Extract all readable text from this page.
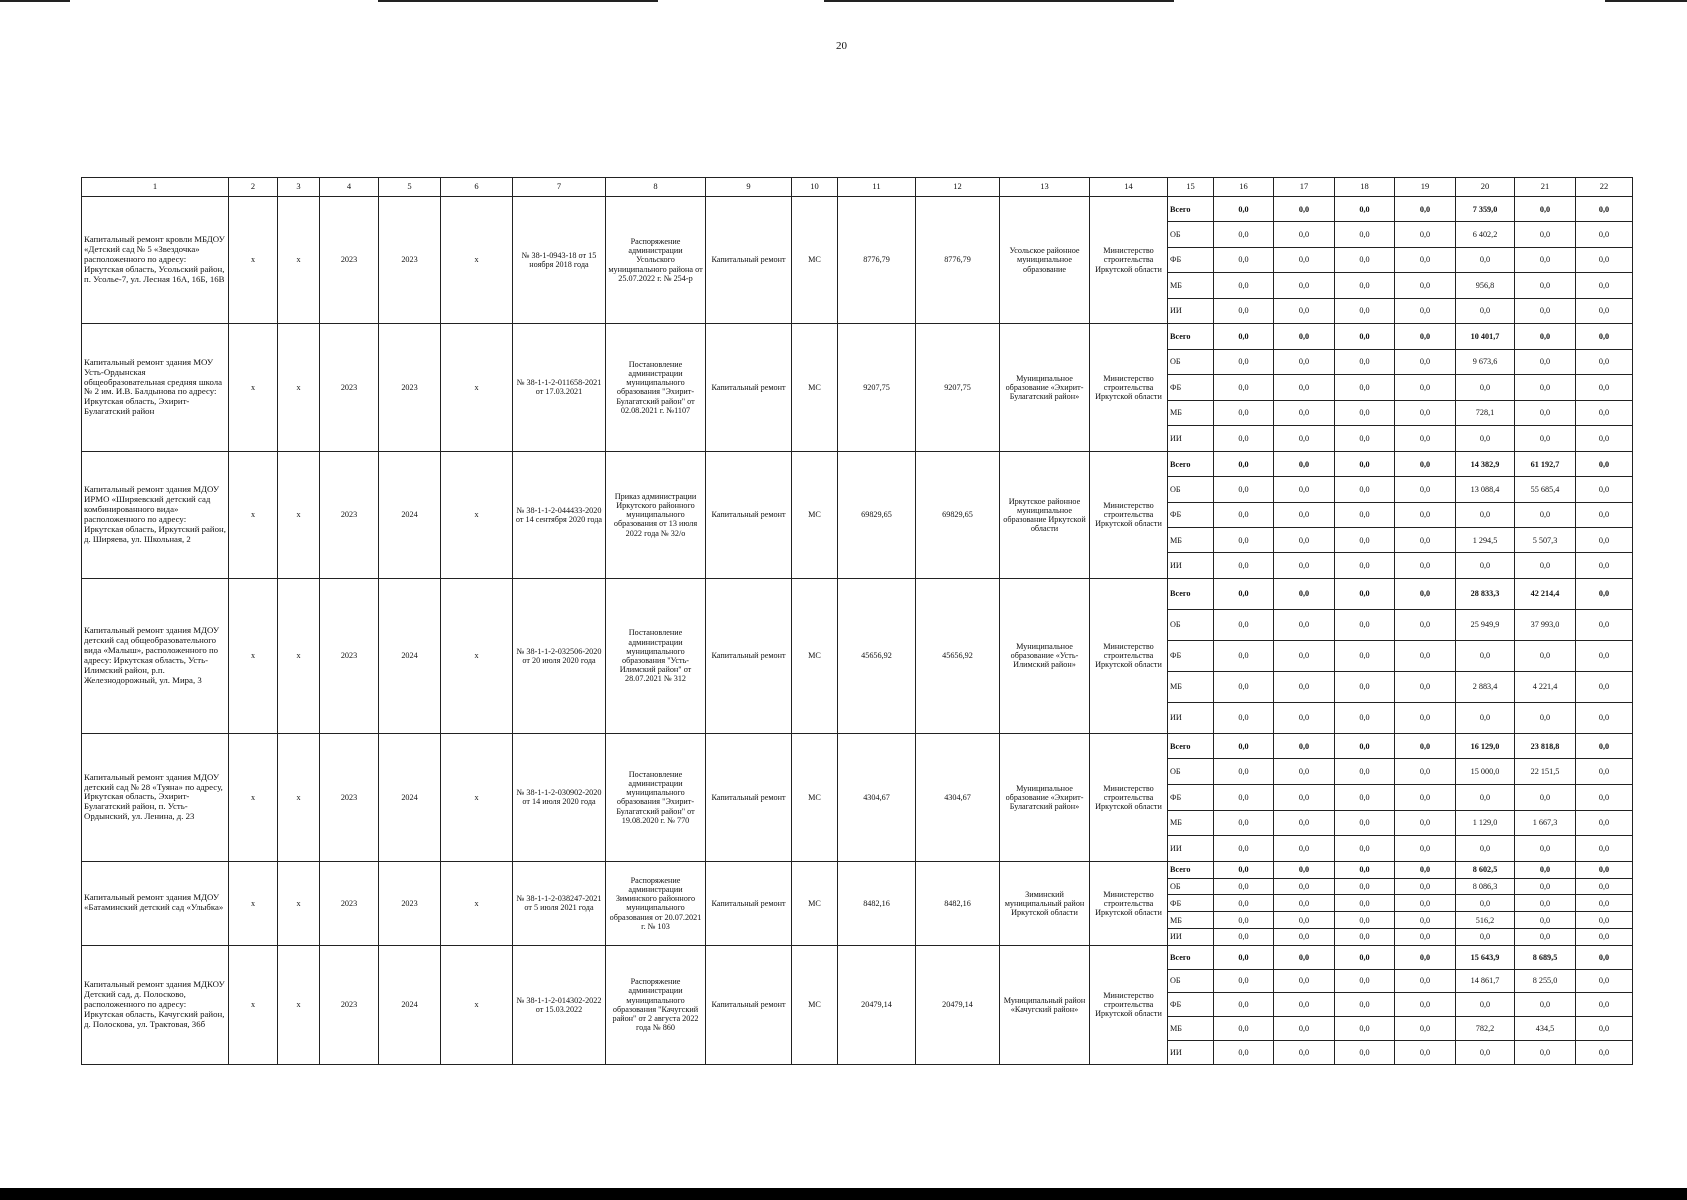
20
1	2	3	4	5	6	7	8	9	10	11	12	13	14	15	16	17	18	19	20	21	22
Капитальный ремонт кровли МБДОУ «Детский сад № 5 «Звездочка» расположенного по адресу: Иркутская область, Усольский район, п. Усолье-7, ул. Лесная 16А, 16Б, 16В	х	х	2023	2023	х	№ 38-1-0943-18 от 15 ноября 2018 года	Распоряжение администрации Усольского муниципального района от 25.07.2022 г. № 254-р	Капитальный ремонт	МС	8776,79	8776,79	Усольское районное муниципальное образование	Министерство строительства Иркутской области	Всего	0,0	0,0	0,0	0,0	7 359,0	0,0	0,0
														ОБ	0,0	0,0	0,0	0,0	6 402,2	0,0	0,0
														ФБ	0,0	0,0	0,0	0,0	0,0	0,0	0,0
														МБ	0,0	0,0	0,0	0,0	956,8	0,0	0,0
														ИИ	0,0	0,0	0,0	0,0	0,0	0,0	0,0
Капитальный ремонт здания МОУ Усть-Ордынская общеобразовательная средняя школа № 2 им. И.В. Балдынова по адресу: Иркутская область, Эхирит-Булагатский район	х	х	2023	2023	х	№ 38-1-1-2-011658-2021 от 17.03.2021	Постановление администрации муниципального образования "Эхирит-Булагатский район" от 02.08.2021 г. №1107	Капитальный ремонт	МС	9207,75	9207,75	Муниципальное образование «Эхирит-Булагатский район»	Министерство строительства Иркутской области	Всего	0,0	0,0	0,0	0,0	10 401,7	0,0	0,0
														ОБ	0,0	0,0	0,0	0,0	9 673,6	0,0	0,0
														ФБ	0,0	0,0	0,0	0,0	0,0	0,0	0,0
														МБ	0,0	0,0	0,0	0,0	728,1	0,0	0,0
														ИИ	0,0	0,0	0,0	0,0	0,0	0,0	0,0
Капитальный ремонт здания МДОУ ИРМО «Ширяевский детский сад комбинированного вида» расположенного по адресу: Иркутская область, Иркутский район, д. Ширяева, ул. Школьная, 2	х	х	2023	2024	х	№ 38-1-1-2-044433-2020 от 14 сентября 2020 года	Приказ администрации Иркутского районного муниципального образования от 13 июля 2022 года № 32/о	Капитальный ремонт	МС	69829,65	69829,65	Иркутское районное муниципальное образование Иркутской области	Министерство строительства Иркутской области	Всего	0,0	0,0	0,0	0,0	14 382,9	61 192,7	0,0
														ОБ	0,0	0,0	0,0	0,0	13 088,4	55 685,4	0,0
														ФБ	0,0	0,0	0,0	0,0	0,0	0,0	0,0
														МБ	0,0	0,0	0,0	0,0	1 294,5	5 507,3	0,0
														ИИ	0,0	0,0	0,0	0,0	0,0	0,0	0,0
Капитальный ремонт здания МДОУ детский сад общеобразовательного вида «Малыш», расположенного по адресу: Иркутская область, Усть-Илимский район, р.п. Железнодорожный, ул. Мира, 3	х	х	2023	2024	х	№ 38-1-1-2-032506-2020 от 20 июля 2020 года	Постановление администрации муниципального образования "Усть-Илимский район" от 28.07.2021 № 312	Капитальный ремонт	МС	45656,92	45656,92	Муниципальное образование «Усть-Илимский район»	Министерство строительства Иркутской области	Всего	0,0	0,0	0,0	0,0	28 833,3	42 214,4	0,0
														ОБ	0,0	0,0	0,0	0,0	25 949,9	37 993,0	0,0
														ФБ	0,0	0,0	0,0	0,0	0,0	0,0	0,0
														МБ	0,0	0,0	0,0	0,0	2 883,4	4 221,4	0,0
														ИИ	0,0	0,0	0,0	0,0	0,0	0,0	0,0
Капитальный ремонт здания МДОУ детский сад № 28 «Туяна» по адресу, Иркутская область, Эхирит-Булагатский район, п. Усть-Ордынский, ул. Ленина, д. 23	х	х	2023	2024	х	№ 38-1-1-2-030902-2020 от 14 июля 2020 года	Постановление администрации муниципального образования "Эхирит-Булагатский район" от 19.08.2020 г. № 770	Капитальный ремонт	МС	4304,67	4304,67	Муниципальное образование «Эхирит-Булагатский район»	Министерство строительства Иркутской области	Всего	0,0	0,0	0,0	0,0	16 129,0	23 818,8	0,0
														ОБ	0,0	0,0	0,0	0,0	15 000,0	22 151,5	0,0
														ФБ	0,0	0,0	0,0	0,0	0,0	0,0	0,0
														МБ	0,0	0,0	0,0	0,0	1 129,0	1 667,3	0,0
														ИИ	0,0	0,0	0,0	0,0	0,0	0,0	0,0
Капитальный ремонт здания МДОУ «Батаминский детский сад «Улыбка»	х	х	2023	2023	х	№ 38-1-1-2-038247-2021 от 5 июля 2021 года	Распоряжение администрации Зиминского районного муниципального образования от 20.07.2021 г. № 103	Капитальный ремонт	МС	8482,16	8482,16	Зиминский муниципальный район Иркутской области	Министерство строительства Иркутской области	Всего	0,0	0,0	0,0	0,0	8 602,5	0,0	0,0
														ОБ	0,0	0,0	0,0	0,0	8 086,3	0,0	0,0
														ФБ	0,0	0,0	0,0	0,0	0,0	0,0	0,0
														МБ	0,0	0,0	0,0	0,0	516,2	0,0	0,0
														ИИ	0,0	0,0	0,0	0,0	0,0	0,0	0,0
Капитальный ремонт здания МДКОУ Детский сад, д. Полосково, расположенного по адресу: Иркутская область, Качугский район, д. Полоскова, ул. Трактовая, 36б	х	х	2023	2024	х	№ 38-1-1-2-014302-2022 от 15.03.2022	Распоряжение администрации муниципального образования "Качугский район" от 2 августа 2022 года № 860	Капитальный ремонт	МС	20479,14	20479,14	Муниципальный район «Качугский район»	Министерство строительства Иркутской области	Всего	0,0	0,0	0,0	0,0	15 643,9	8 689,5	0,0
														ОБ	0,0	0,0	0,0	0,0	14 861,7	8 255,0	0,0
														ФБ	0,0	0,0	0,0	0,0	0,0	0,0	0,0
														МБ	0,0	0,0	0,0	0,0	782,2	434,5	0,0
														ИИ	0,0	0,0	0,0	0,0	0,0	0,0	0,0
